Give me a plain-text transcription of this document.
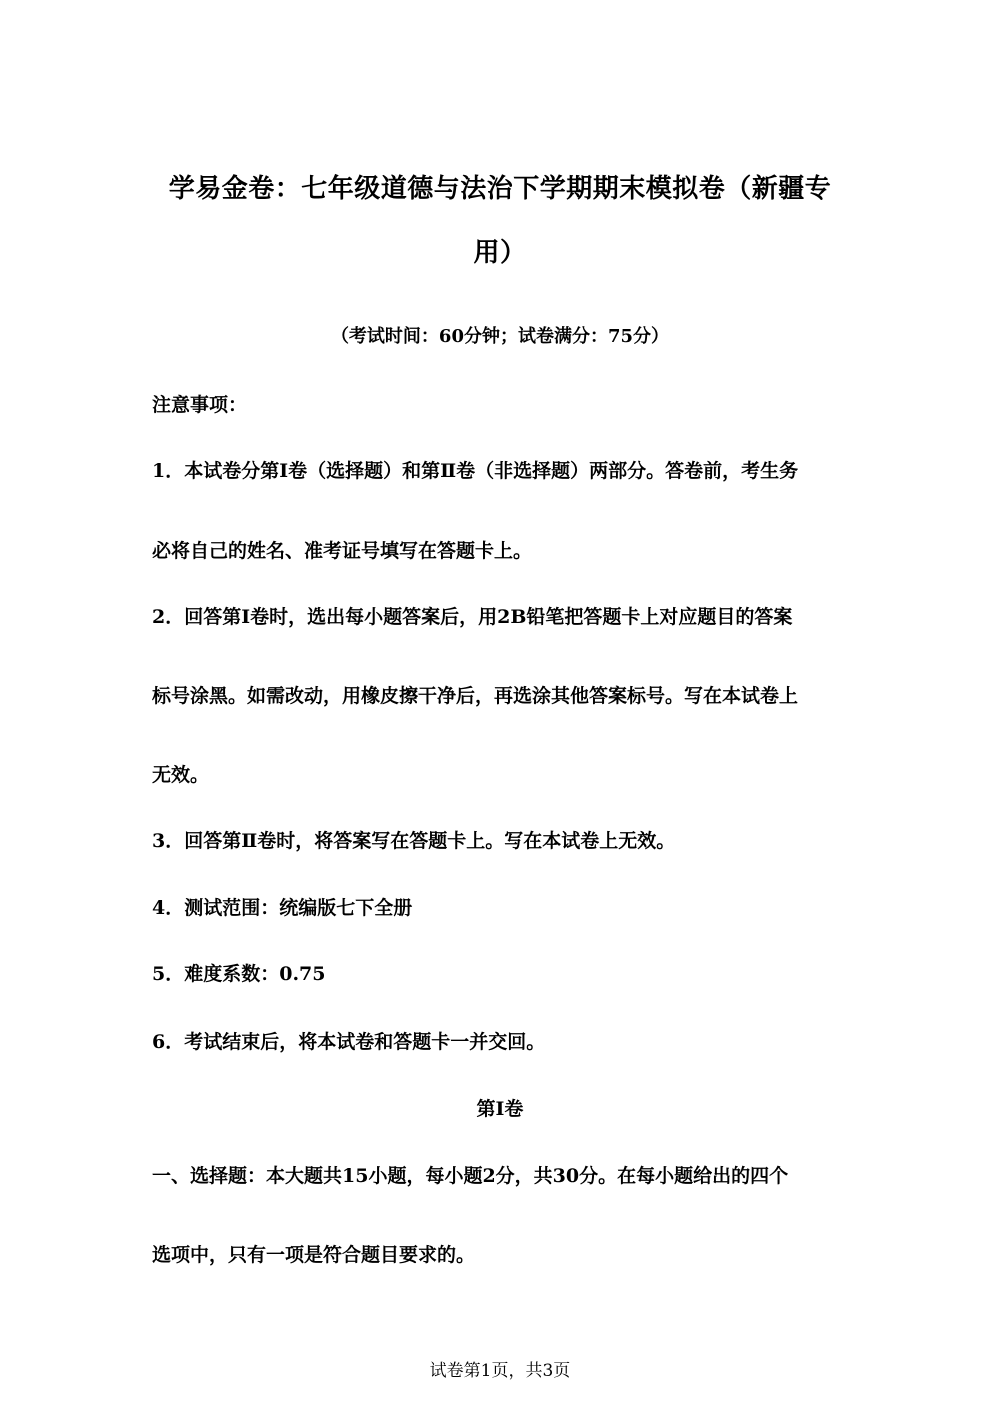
学易金卷：七年级道德与法治下学期期末模拟卷（新疆专
用）
（考试时间：60分钟；试卷满分：75分）
注意事项：
1．本试卷分第Ⅰ卷（选择题）和第Ⅱ卷（非选择题）两部分。答卷前，考生务
必将自己的姓名、准考证号填写在答题卡上。
2．回答第Ⅰ卷时，选出每小题答案后，用2B铅笔把答题卡上对应题目的答案
标号涂黑。如需改动，用橡皮擦干净后，再选涂其他答案标号。写在本试卷上
无效。
3．回答第Ⅱ卷时，将答案写在答题卡上。写在本试卷上无效。
4．测试范围：统编版七下全册
5．难度系数：0.75
6．考试结束后，将本试卷和答题卡一并交回。
第Ⅰ卷
一、选择题：本大题共15小题，每小题2分，共30分。在每小题给出的四个
选项中，只有一项是符合题目要求的。
试卷第1页，共3页
